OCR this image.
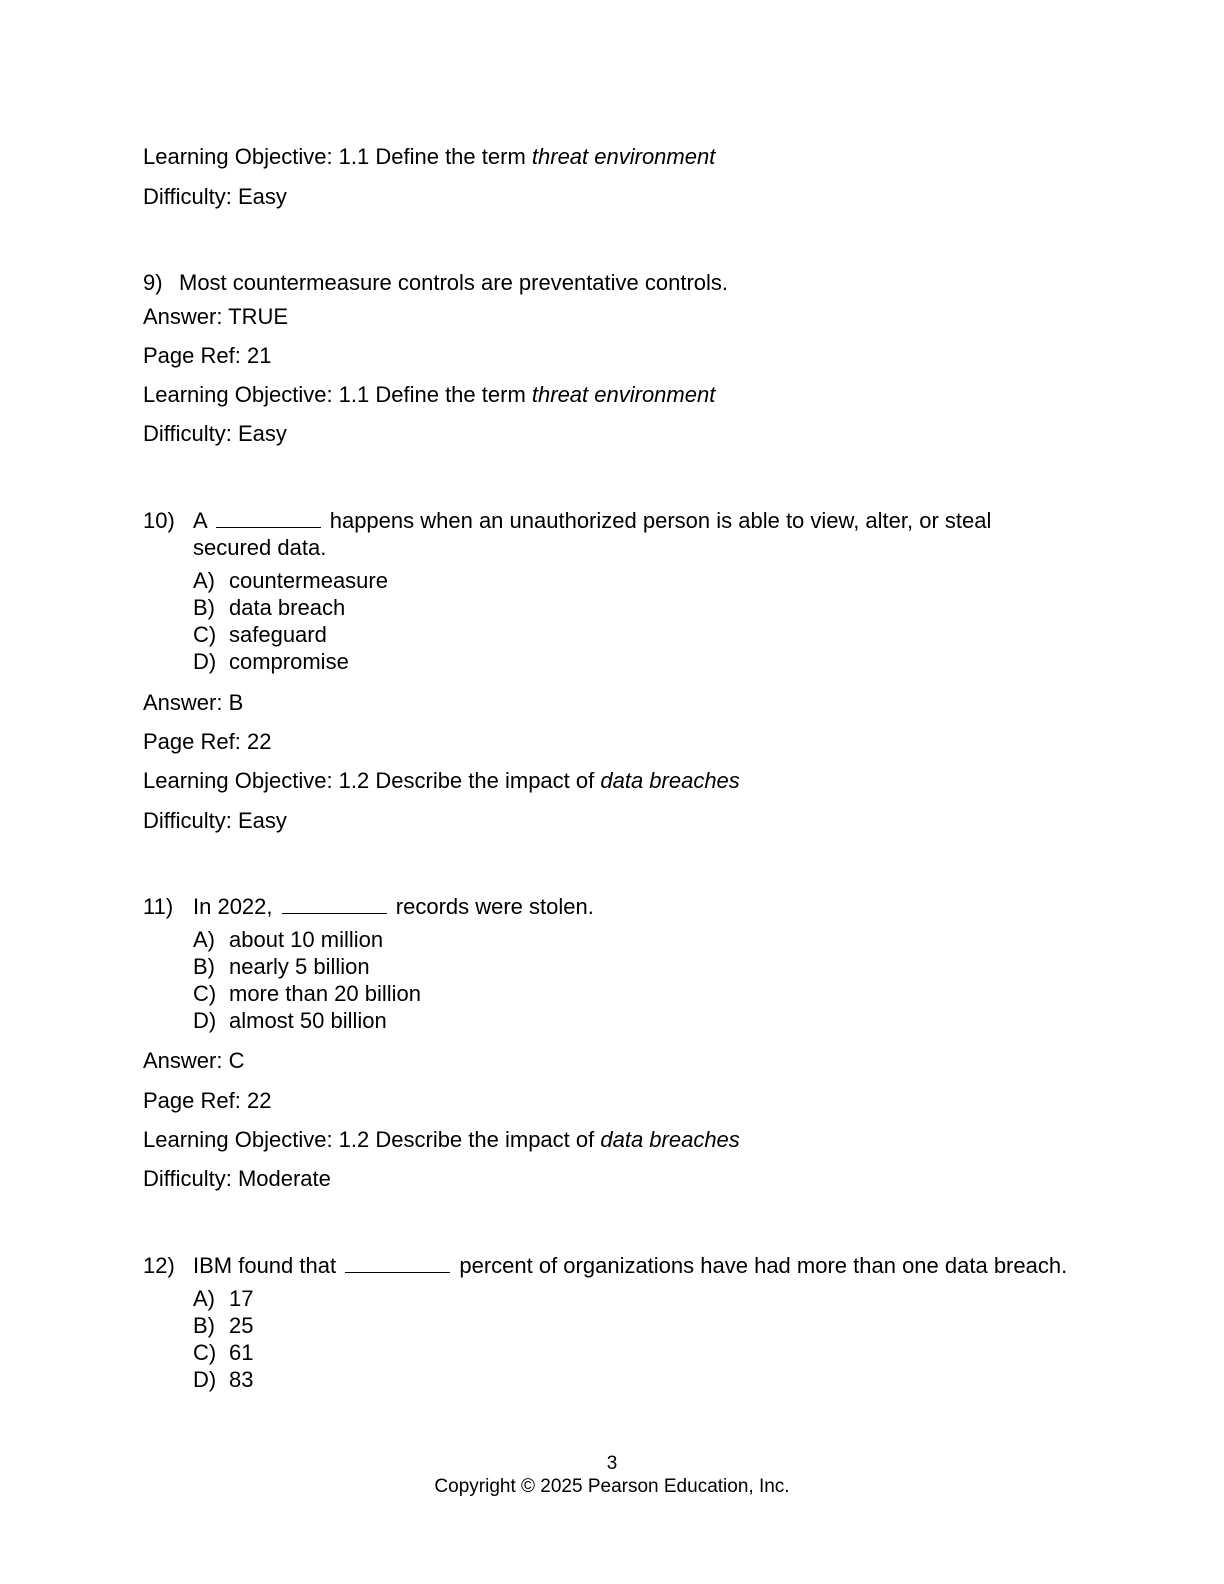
Learning Objective: 1.1 Define the term threat environment
Difficulty: Easy
9) Most countermeasure controls are preventative controls.
Answer: TRUE
Page Ref: 21
Learning Objective: 1.1 Define the term threat environment
Difficulty: Easy
10) A	happens when an unauthorized person is able to view, alter, or steal secured data.
A) countermeasure
B) data breach
C) safeguard
D) compromise
Answer: B
Page Ref: 22
Learning Objective: 1.2 Describe the impact of data breaches
Difficulty: Easy
11) In 2022,	records were stolen.
A) about 10 million
B) nearly 5 billion
C) more than 20 billion
D) almost 50 billion
Answer: C
Page Ref: 22
Learning Objective: 1.2 Describe the impact of data breaches
Difficulty: Moderate
12) IBM found that	percent of organizations have had more than one data breach.
A) 17
B) 25
C) 61
D) 83
3
Copyright © 2025 Pearson Education, Inc.
